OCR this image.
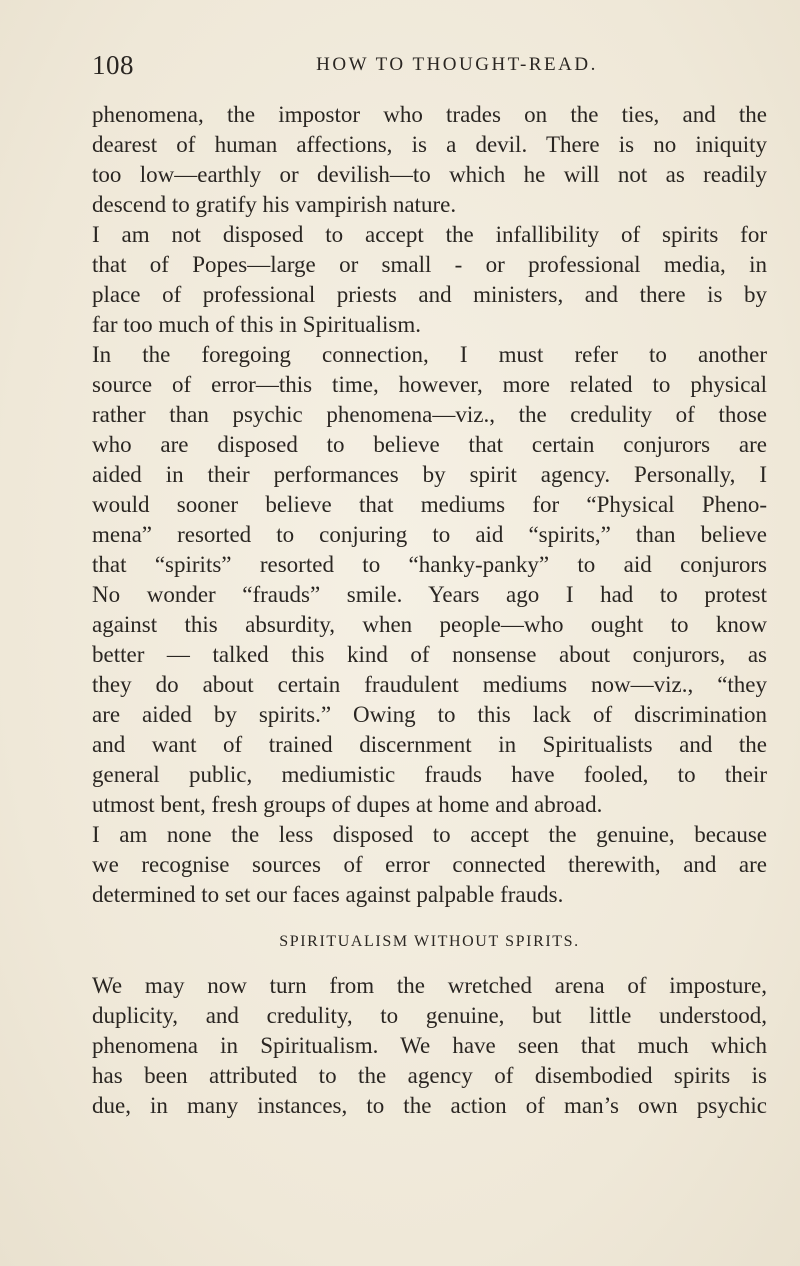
108	HOW TO THOUGHT-READ.
phenomena, the impostor who trades on the ties, and the
dearest of human affections, is a devil. There is no iniquity
too low—earthly or devilish—to which he will not as readily
descend to gratify his vampirish nature.
I am not disposed to accept the infallibility of spirits for
that of Popes—large or small - or professional media, in
place of professional priests and ministers, and there is by
far too much of this in Spiritualism.
In the foregoing connection, I must refer to another
source of error—this time, however, more related to physical
rather than psychic phenomena—viz., the credulity of those
who are disposed to believe that certain conjurors are
aided in their performances by spirit agency. Personally, I
would sooner believe that mediums for “Physical Pheno-
mena” resorted to conjuring to aid “spirits,” than believe
that “spirits” resorted to “hanky-panky” to aid conjurors
No wonder “frauds” smile. Years ago I had to protest
against this absurdity, when people—who ought to know
better — talked this kind of nonsense about conjurors, as
they do about certain fraudulent mediums now—viz., “they
are aided by spirits.” Owing to this lack of discrimination
and want of trained discernment in Spiritualists and the
general public, mediumistic frauds have fooled, to their
utmost bent, fresh groups of dupes at home and abroad.
I am none the less disposed to accept the genuine, because
we recognise sources of error connected therewith, and are
determined to set our faces against palpable frauds.
SPIRITUALISM WITHOUT SPIRITS.
We may now turn from the wretched arena of imposture,
duplicity, and credulity, to genuine, but little understood,
phenomena in Spiritualism. We have seen that much which
has been attributed to the agency of disembodied spirits is
due, in many instances, to the action of man’s own psychic
